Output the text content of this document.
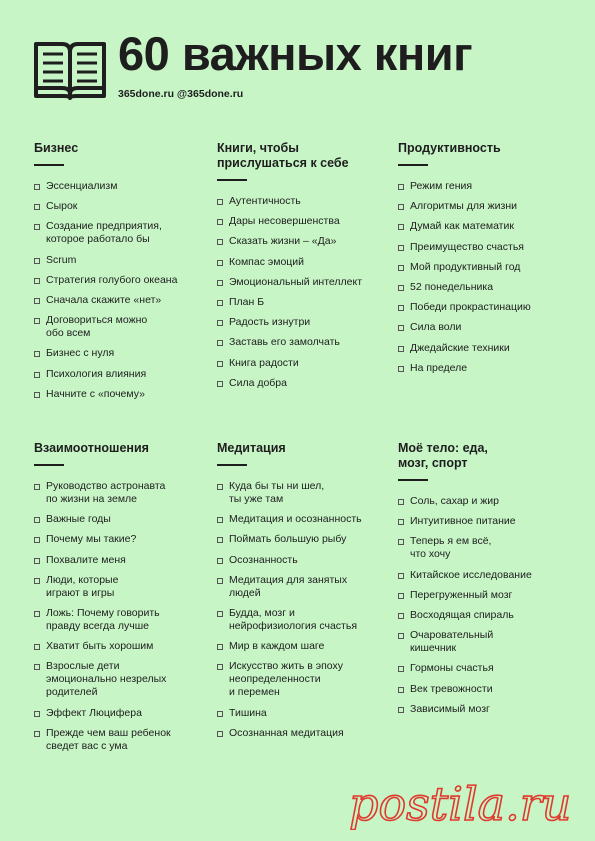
60 важных книг
365done.ru @365done.ru
Бизнес
Эссенциализм
Сырок
Создание предприятия,
которое работало бы
Scrum
Стратегия голубого океана
Сначала скажите «нет»
Договориться можно
обо всем
Бизнес с нуля
Психология влияния
Начните с «почему»
Книги, чтобы
прислушаться к себе
Аутентичность
Дары несовершенства
Сказать жизни – «Да»
Компас эмоций
Эмоциональный интеллект
План Б
Радость изнутри
Заставь его замолчать
Книга радости
Сила добра
Продуктивность
Режим гения
Алгоритмы для жизни
Думай как математик
Преимущество счастья
Мой продуктивный год
52 понедельника
Победи прокрастинацию
Сила воли
Джедайские техники
На пределе
Взаимоотношения
Руководство астронавта
по жизни на земле
Важные годы
Почему мы такие?
Похвалите меня
Люди, которые
играют в игры
Ложь: Почему говорить
правду всегда лучше
Хватит быть хорошим
Взрослые дети
эмоционально незрелых
родителей
Эффект Люцифера
Прежде чем ваш ребенок
сведет вас с ума
Медитация
Куда бы ты ни шел,
ты уже там
Медитация и осознанность
Поймать большую рыбу
Осознанность
Медитация для занятых
людей
Будда, мозг и
нейрофизиология счастья
Мир в каждом шаге
Искусство жить в эпоху
неопределенности
и перемен
Тишина
Осознанная медитация
Моё тело: еда,
мозг, спорт
Соль, сахар и жир
Интуитивное питание
Теперь я ем всё,
что хочу
Китайское исследование
Перегруженный мозг
Восходящая спираль
Очаровательный
кишечник
Гормоны счастья
Век тревожности
Зависимый мозг
postila.ru
